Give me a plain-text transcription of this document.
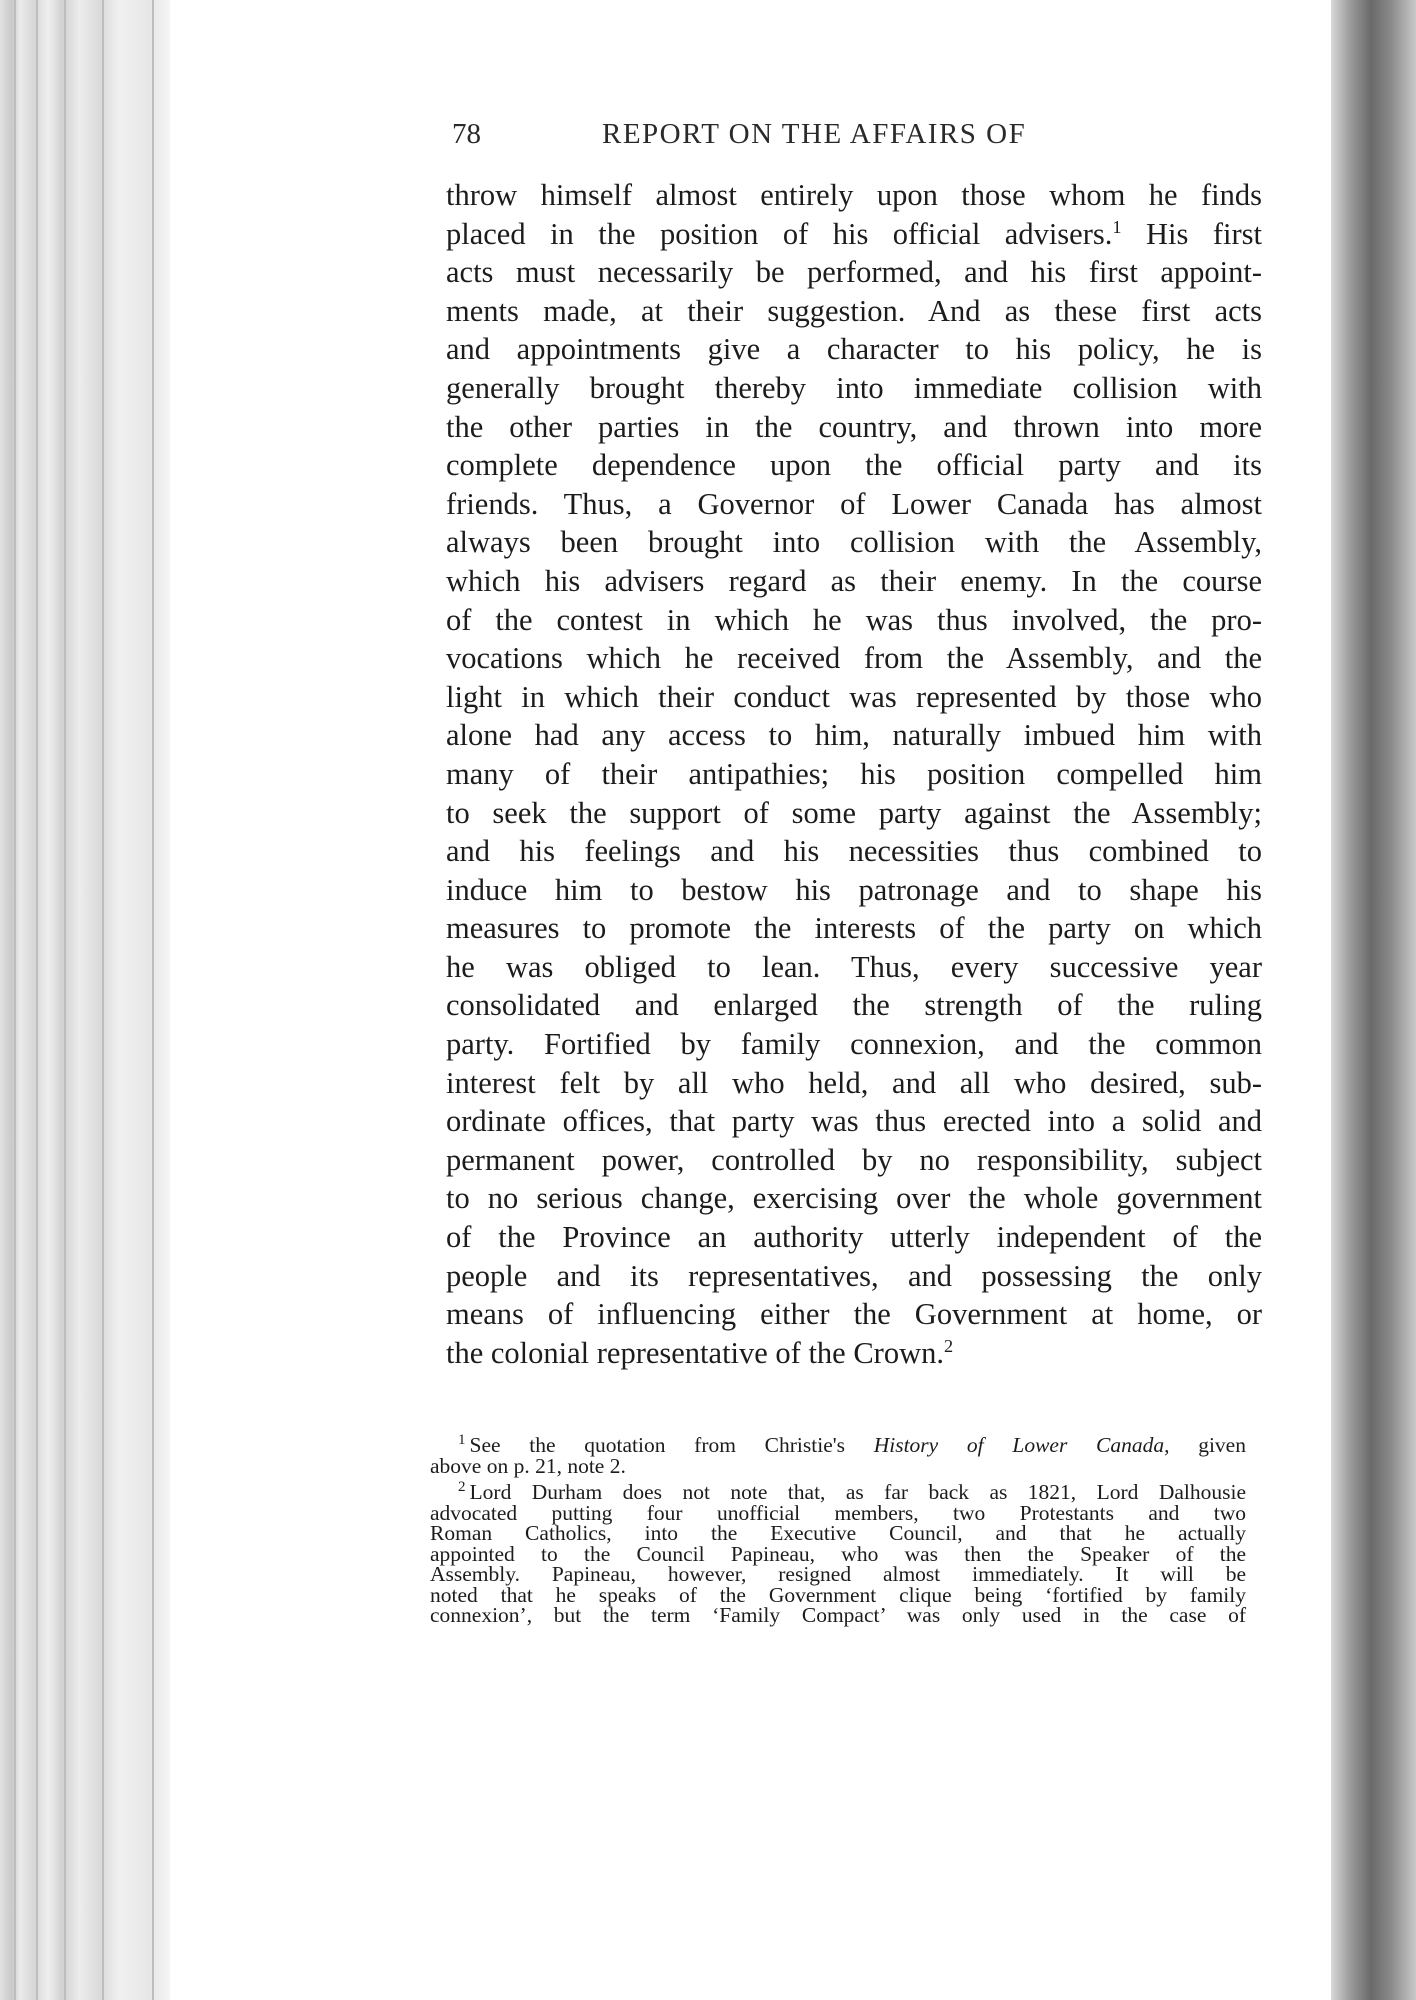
78	REPORT ON THE AFFAIRS OF
throw himself almost entirely upon those whom he finds
placed in the position of his official advisers.$^1$ His first
acts must necessarily be performed, and his first appoint-
ments made, at their suggestion. And as these first acts
and appointments give a character to his policy, he is
generally brought thereby into immediate collision with
the other parties in the country, and thrown into more
complete dependence upon the official party and its
friends. Thus, a Governor of Lower Canada has almost
always been brought into collision with the Assembly,
which his advisers regard as their enemy. In the course
of the contest in which he was thus involved, the pro-
vocations which he received from the Assembly, and the
light in which their conduct was represented by those who
alone had any access to him, naturally imbued him with
many of their antipathies; his position compelled him
to seek the support of some party against the Assembly;
and his feelings and his necessities thus combined to
induce him to bestow his patronage and to shape his
measures to promote the interests of the party on which
he was obliged to lean. Thus, every successive year
consolidated and enlarged the strength of the ruling
party. Fortified by family connexion, and the common
interest felt by all who held, and all who desired, sub-
ordinate offices, that party was thus erected into a solid and
permanent power, controlled by no responsibility, subject
to no serious change, exercising over the whole government
of the Province an authority utterly independent of the
people and its representatives, and possessing the only
means of influencing either the Government at home, or
the colonial representative of the Crown.$^2$
$^1$ See the quotation from Christie's History of Lower Canada, given
above on p. 21, note 2.
$^2$ Lord Durham does not note that, as far back as 1821, Lord Dalhousie
advocated putting four unofficial members, two Protestants and two
Roman Catholics, into the Executive Council, and that he actually
appointed to the Council Papineau, who was then the Speaker of the
Assembly. Papineau, however, resigned almost immediately. It will be
noted that he speaks of the Government clique being ‘fortified by family
connexion’, but the term ‘Family Compact’ was only used in the case of
